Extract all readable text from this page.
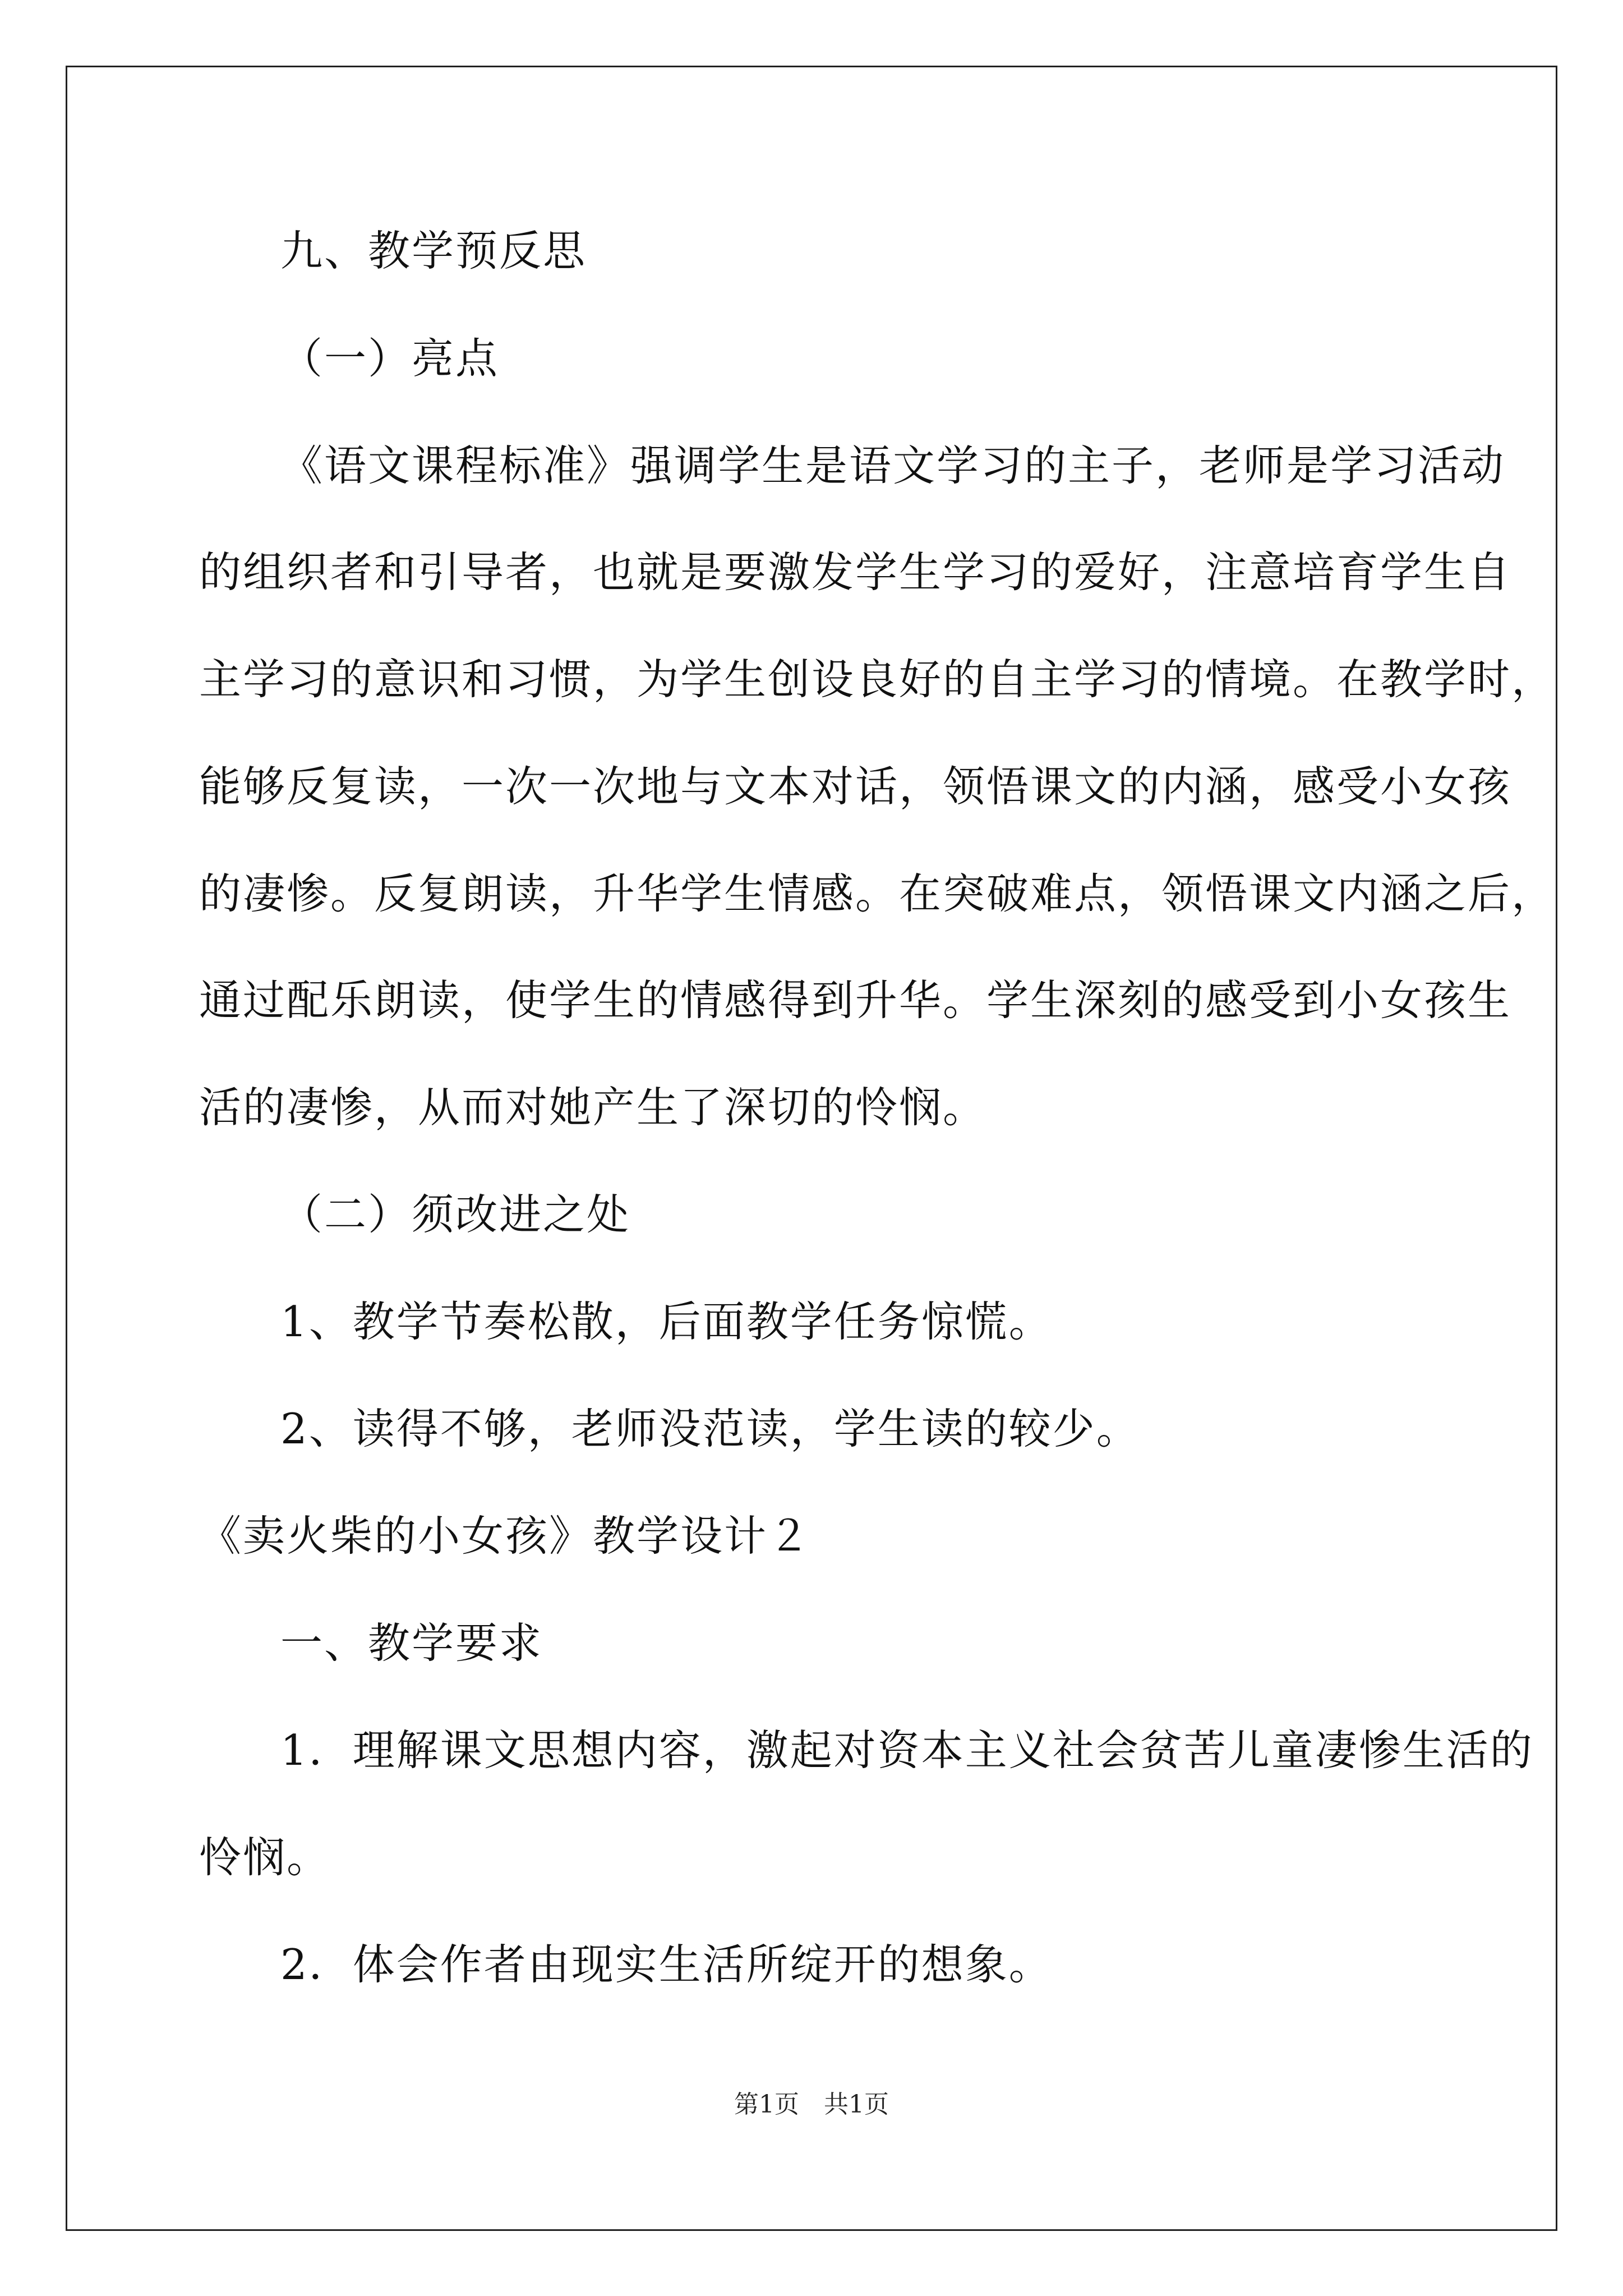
九、教学预反思
（一）亮点
《语文课程标准》强调学生是语文学习的主子，老师是学习活动
的组织者和引导者，也就是要激发学生学习的爱好，注意培育学生自
主学习的意识和习惯，为学生创设良好的自主学习的情境。在教学时，
能够反复读，一次一次地与文本对话，领悟课文的内涵，感受小女孩
的凄惨。反复朗读，升华学生情感。在突破难点，领悟课文内涵之后，
通过配乐朗读，使学生的情感得到升华。学生深刻的感受到小女孩生
活的凄惨，从而对她产生了深切的怜悯。
（二）须改进之处
1、教学节奏松散，后面教学任务惊慌。
2、读得不够，老师没范读，学生读的较少。
《卖火柴的小女孩》教学设计２
一、教学要求
1．理解课文思想内容，激起对资本主义社会贫苦儿童凄惨生活的
怜悯。
2．体会作者由现实生活所绽开的想象。
第1页　共1页
